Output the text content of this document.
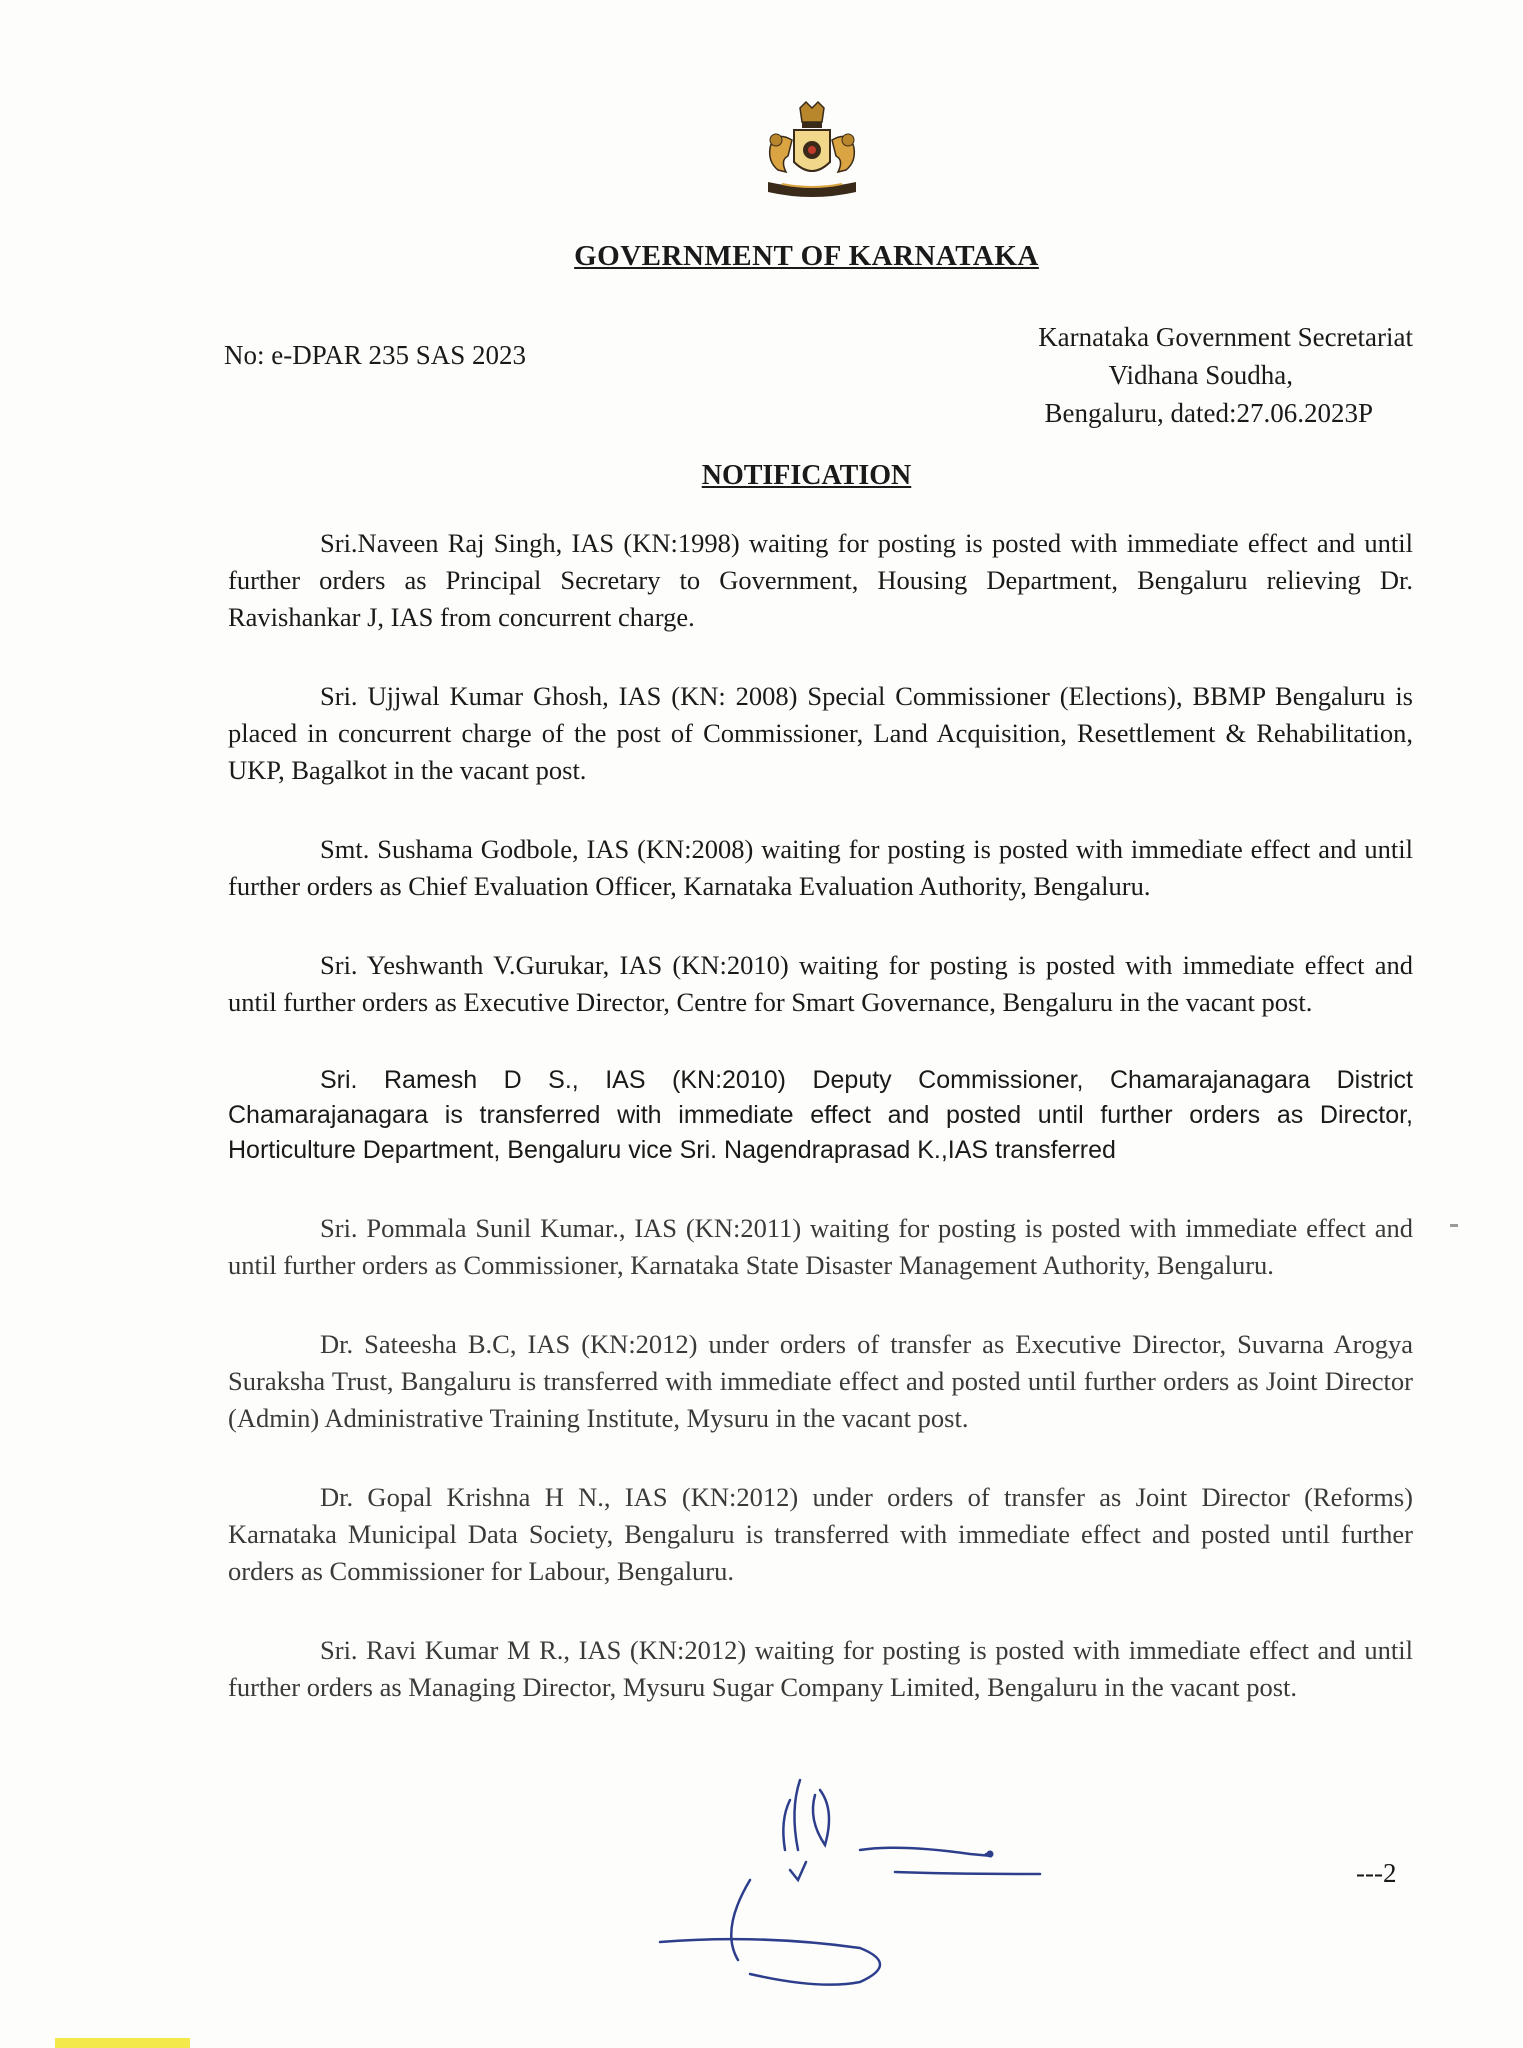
GOVERNMENT OF KARNATAKA
No: e-DPAR 235 SAS 2023
Karnataka Government Secretariat
Vidhana Soudha,
Bengaluru, dated:27.06.2023P
NOTIFICATION

Sri.Naveen Raj Singh, IAS (KN:1998) waiting for posting is posted with immediate effect and until further orders as Principal Secretary to Government, Housing Department, Bengaluru relieving Dr. Ravishankar J, IAS from concurrent charge.

Sri. Ujjwal Kumar Ghosh, IAS (KN: 2008) Special Commissioner (Elections), BBMP Bengaluru is placed in concurrent charge of the post of Commissioner, Land Acquisition, Resettlement & Rehabilitation, UKP, Bagalkot in the vacant post.

Smt. Sushama Godbole, IAS (KN:2008) waiting for posting is posted with immediate effect and until further orders as Chief Evaluation Officer, Karnataka Evaluation Authority, Bengaluru.

Sri. Yeshwanth V.Gurukar, IAS (KN:2010) waiting for posting is posted with immediate effect and until further orders as Executive Director, Centre for Smart Governance, Bengaluru in the vacant post.

Sri. Ramesh D S., IAS (KN:2010) Deputy Commissioner, Chamarajanagara District Chamarajanagara is transferred with immediate effect and posted until further orders as Director, Horticulture Department, Bengaluru vice Sri. Nagendraprasad K.,IAS transferred

Sri. Pommala Sunil Kumar., IAS (KN:2011) waiting for posting is posted with immediate effect and until further orders as Commissioner, Karnataka State Disaster Management Authority, Bengaluru.

Dr. Sateesha B.C, IAS (KN:2012) under orders of transfer as Executive Director, Suvarna Arogya Suraksha Trust, Bangaluru is transferred with immediate effect and posted until further orders as Joint Director (Admin) Administrative Training Institute, Mysuru in the vacant post.

Dr. Gopal Krishna H N., IAS (KN:2012) under orders of transfer as Joint Director (Reforms) Karnataka Municipal Data Society, Bengaluru is transferred with immediate effect and posted until further orders as Commissioner for Labour, Bengaluru.

Sri. Ravi Kumar M R., IAS (KN:2012) waiting for posting is posted with immediate effect and until further orders as Managing Director, Mysuru Sugar Company Limited, Bengaluru in the vacant post.

---2
